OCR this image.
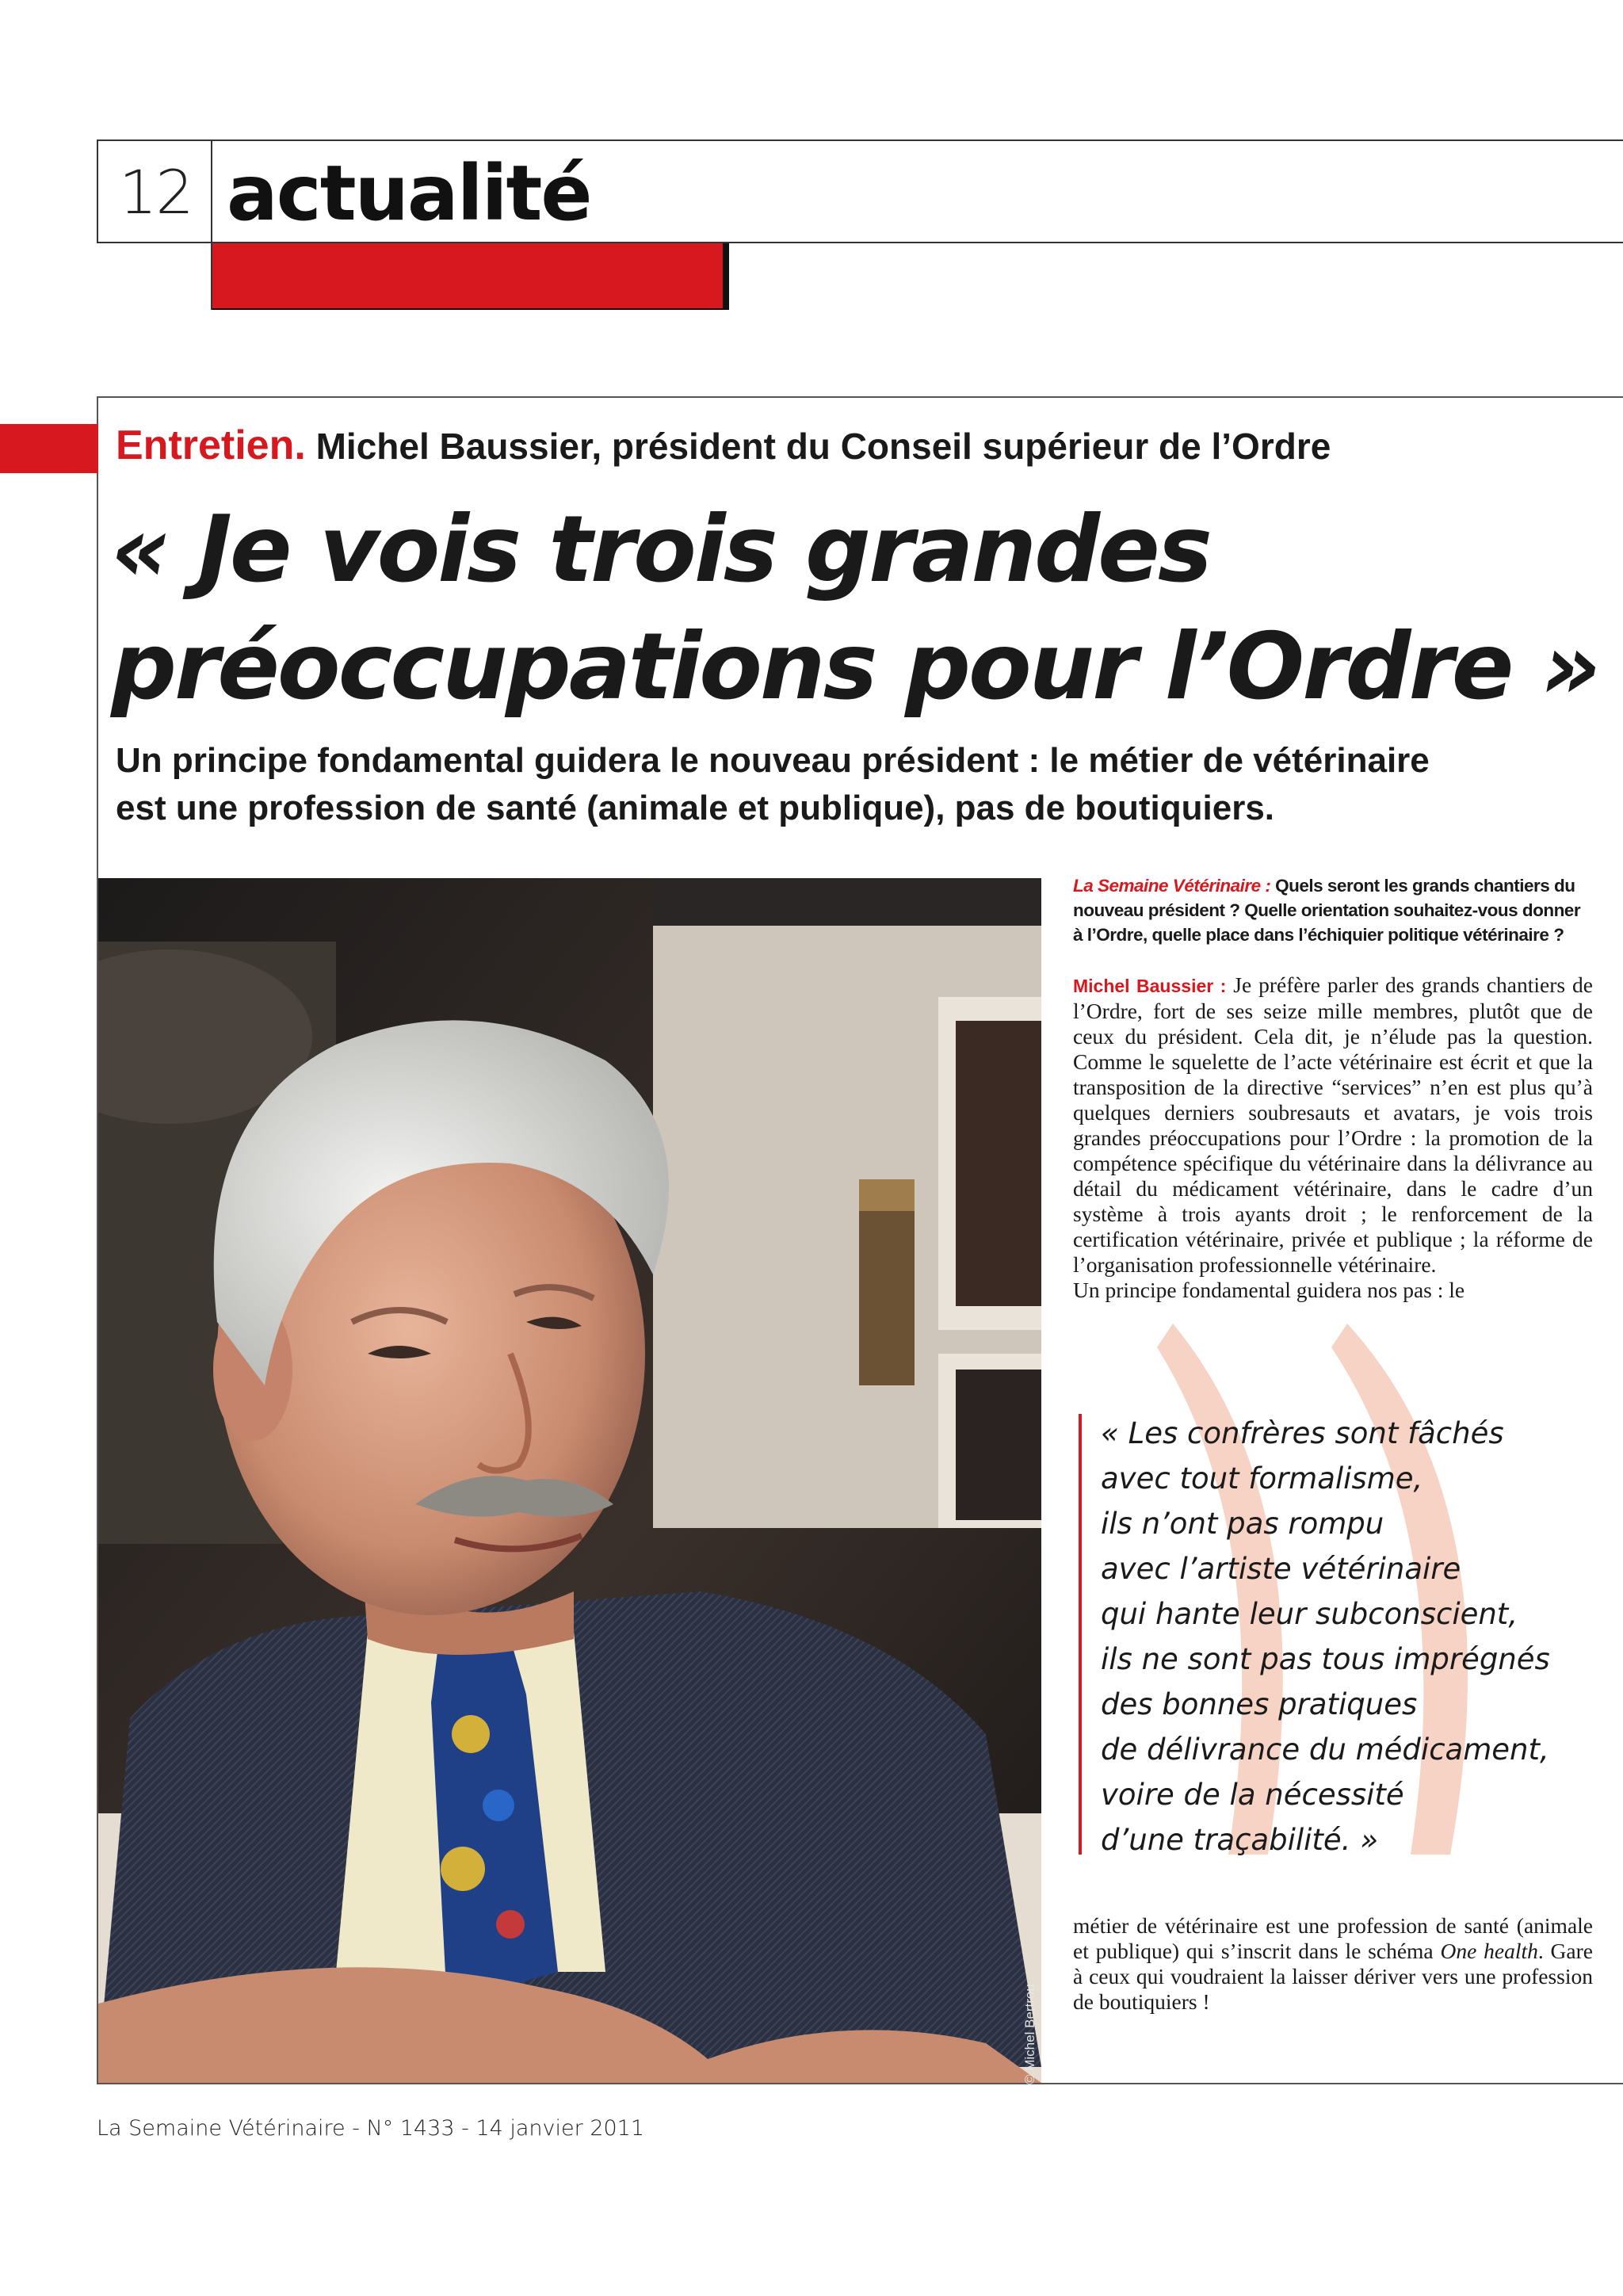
12 actualité
Entretien. Michel Baussier, président du Conseil supérieur de l’Ordre
« Je vois trois grandes
préoccupations pour l’Ordre »
Un principe fondamental guidera le nouveau président : le métier de vétérinaire
est une profession de santé (animale et publique), pas de boutiquiers.
© Michel Bertrou
La Semaine Vétérinaire : Quels seront les grands chantiers du nouveau président ? Quelle orientation souhaitez-vous donner à l’Ordre, quelle place dans l’échiquier politique vétérinaire ?
Michel Baussier : Je préfère parler des grands chantiers de l’Ordre, fort de ses seize mille membres, plutôt que de ceux du président. Cela dit, je n’élude pas la question. Comme le squelette de l’acte vétérinaire est écrit et que la transposition de la directive “services” n’en est plus qu’à quelques derniers soubresauts et avatars, je vois trois grandes préoccupations pour l’Ordre : la promotion de la compétence spécifique du vétérinaire dans la délivrance au détail du médicament vétérinaire, dans le cadre d’un système à trois ayants droit ; le renforcement de la certification vétérinaire, privée et publique ; la réforme de l’organisation professionnelle vétérinaire.
Un principe fondamental guidera nos pas : le
« Les confrères sont fâchés
avec tout formalisme,
ils n’ont pas rompu
avec l’artiste vétérinaire
qui hante leur subconscient,
ils ne sont pas tous imprégnés
des bonnes pratiques
de délivrance du médicament,
voire de la nécessité
d’une traçabilité. »
métier de vétérinaire est une profession de santé (animale et publique) qui s’inscrit dans le schéma One health. Gare à ceux qui voudraient la laisser dériver vers une profession de boutiquiers !
La Semaine Vétérinaire - N° 1433 - 14 janvier 2011
